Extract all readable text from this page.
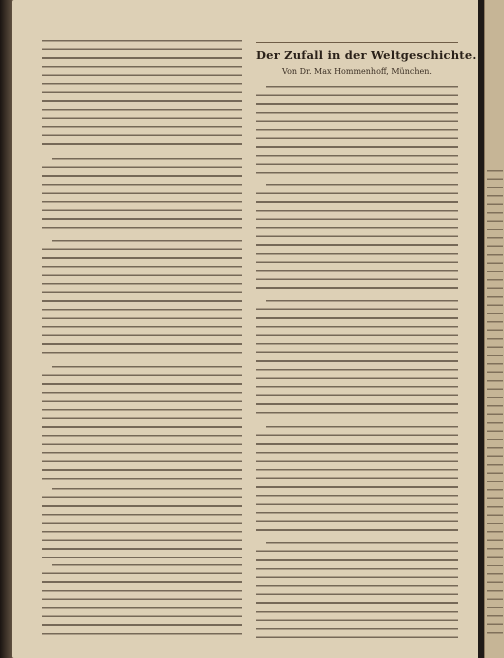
Der Zufall in der Weltgeschichte.
Von Dr. Max Hommenhoff, München.
